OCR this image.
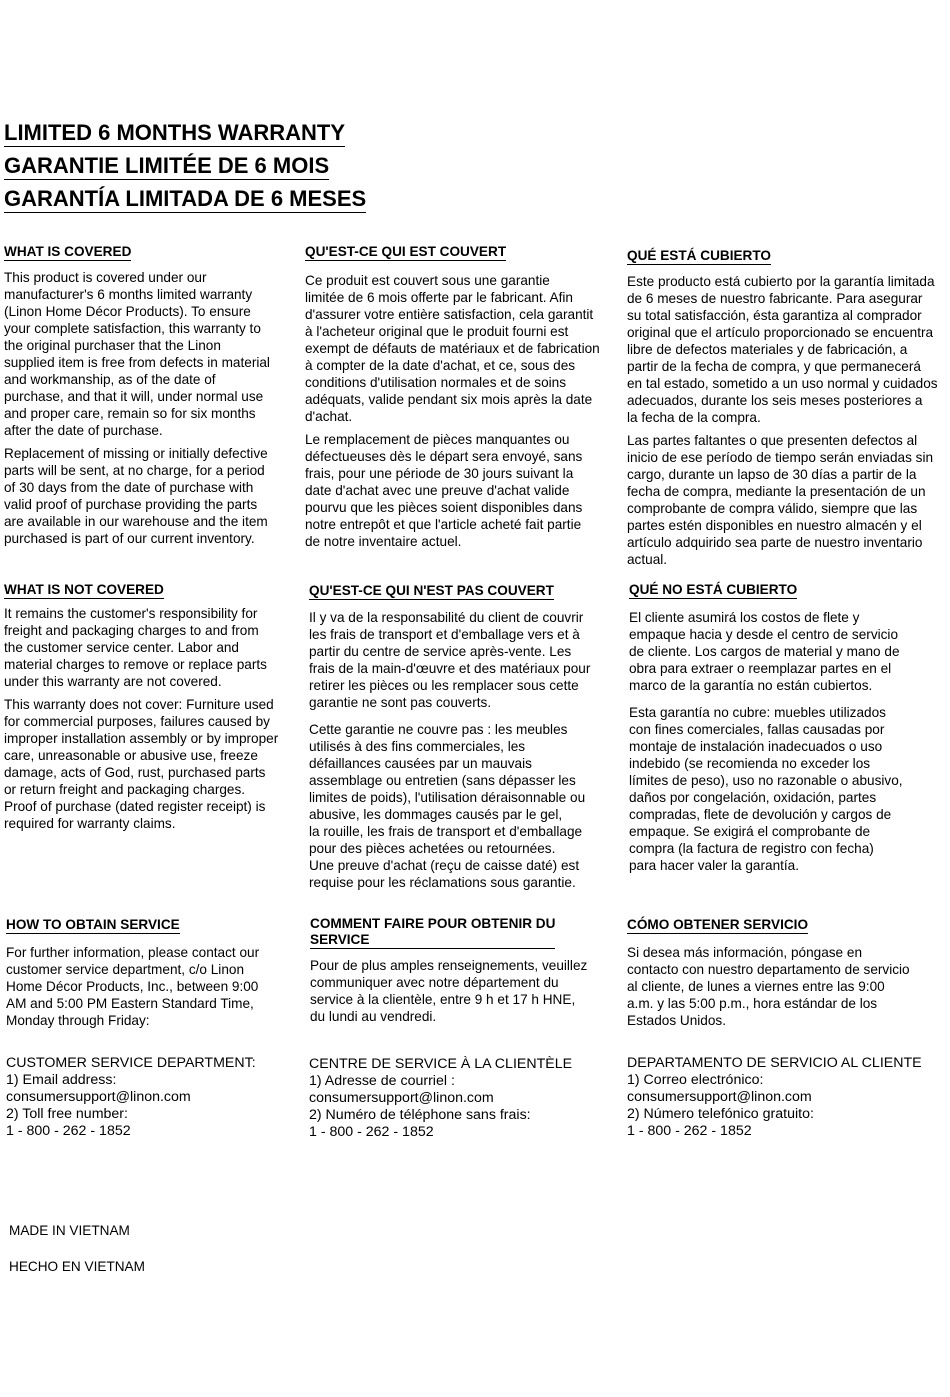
LIMITED 6 MONTHS WARRANTY
GARANTIE LIMITÉE DE 6 MOIS
GARANTÍA LIMITADA DE 6 MESES
WHAT IS COVERED

This product is covered under our
manufacturer's 6 months limited warranty
(Linon Home Décor Products). To ensure
your complete satisfaction, this warranty to
the original purchaser that the Linon
supplied item is free from defects in material
and workmanship, as of the date of
purchase, and that it will, under normal use
and proper care, remain so for six months
after the date of purchase.

Replacement of missing or initially defective
parts will be sent, at no charge, for a period
of 30 days from the date of purchase with
valid proof of purchase providing the parts
are available in our warehouse and the item
purchased is part of our current inventory.

QU'EST-CE QUI EST COUVERT

Ce produit est couvert sous une garantie
limitée de 6 mois offerte par le fabricant. Afin
d'assurer votre entière satisfaction, cela garantit
à l'acheteur original que le produit fourni est
exempt de défauts de matériaux et de fabrication
à compter de la date d'achat, et ce, sous des
conditions d'utilisation normales et de soins
adéquats, valide pendant six mois après la date
d'achat.

Le remplacement de pièces manquantes ou
défectueuses dès le départ sera envoyé, sans
frais, pour une période de 30 jours suivant la
date d'achat avec une preuve d'achat valide
pourvu que les pièces soient disponibles dans
notre entrepôt et que l'article acheté fait partie
de notre inventaire actuel.

QUÉ ESTÁ CUBIERTO

Este producto está cubierto por la garantía limitada
de 6 meses de nuestro fabricante. Para asegurar
su total satisfacción, ésta garantiza al comprador
original que el artículo proporcionado se encuentra
libre de defectos materiales y de fabricación, a
partir de la fecha de compra, y que permanecerá
en tal estado, sometido a un uso normal y cuidados
adecuados, durante los seis meses posteriores a
la fecha de la compra.

Las partes faltantes o que presenten defectos al
inicio de ese período de tiempo serán enviadas sin
cargo, durante un lapso de 30 días a partir de la
fecha de compra, mediante la presentación de un
comprobante de compra válido, siempre que las
partes estén disponibles en nuestro almacén y el
artículo adquirido sea parte de nuestro inventario
actual.

WHAT IS NOT COVERED

It remains the customer's responsibility for
freight and packaging charges to and from
the customer service center. Labor and
material charges to remove or replace parts
under this warranty are not covered.

This warranty does not cover: Furniture used
for commercial purposes, failures caused by
improper installation assembly or by improper
care, unreasonable or abusive use, freeze
damage, acts of God, rust, purchased parts
or return freight and packaging charges.
Proof of purchase (dated register receipt) is
required for warranty claims.

QU'EST-CE QUI N'EST PAS COUVERT

Il y va de la responsabilité du client de couvrir
les frais de transport et d'emballage vers et à
partir du centre de service après-vente. Les
frais de la main-d'œuvre et des matériaux pour
retirer les pièces ou les remplacer sous cette
garantie ne sont pas couverts.

Cette garantie ne couvre pas : les meubles
utilisés à des fins commerciales, les
défaillances causées par un mauvais
assemblage ou entretien (sans dépasser les
limites de poids), l'utilisation déraisonnable ou
abusive, les dommages causés par le gel,
la rouille, les frais de transport et d'emballage
pour des pièces achetées ou retournées.
Une preuve d'achat (reçu de caisse daté) est
requise pour les réclamations sous garantie.

QUÉ NO ESTÁ CUBIERTO

El cliente asumirá los costos de flete y
empaque hacia y desde el centro de servicio
de cliente. Los cargos de material y mano de
obra para extraer o reemplazar partes en el
marco de la garantía no están cubiertos.

Esta garantía no cubre: muebles utilizados
con fines comerciales, fallas causadas por
montaje de instalación inadecuados o uso
indebido (se recomienda no exceder los
límites de peso), uso no razonable o abusivo,
daños por congelación, oxidación, partes
compradas, flete de devolución y cargos de
empaque. Se exigirá el comprobante de
compra (la factura de registro con fecha)
para hacer valer la garantía.

HOW TO OBTAIN SERVICE

For further information, please contact our
customer service department, c/o Linon
Home Décor Products, Inc., between 9:00
AM and 5:00 PM Eastern Standard Time,
Monday through Friday:

COMMENT FAIRE POUR OBTENIR DU
SERVICE

Pour de plus amples renseignements, veuillez
communiquer avec notre département du
service à la clientèle, entre 9 h et 17 h HNE,
du lundi au vendredi.

CÓMO OBTENER SERVICIO

Si desea más información, póngase en
contacto con nuestro departamento de servicio
al cliente, de lunes a viernes entre las 9:00
a.m. y las 5:00 p.m., hora estándar de los
Estados Unidos.

CUSTOMER SERVICE DEPARTMENT:
1) Email address:
consumersupport@linon.com
2) Toll free number:
1 - 800 - 262 - 1852
CENTRE DE SERVICE À LA CLIENTÈLE
1) Adresse de courriel :
consumersupport@linon.com
2) Numéro de téléphone sans frais:
1 - 800 - 262 - 1852
DEPARTAMENTO DE SERVICIO AL CLIENTE
1) Correo electrónico:
consumersupport@linon.com
2) Número telefónico gratuito:
1 - 800 - 262 - 1852
MADE IN VIETNAM
HECHO EN VIETNAM
